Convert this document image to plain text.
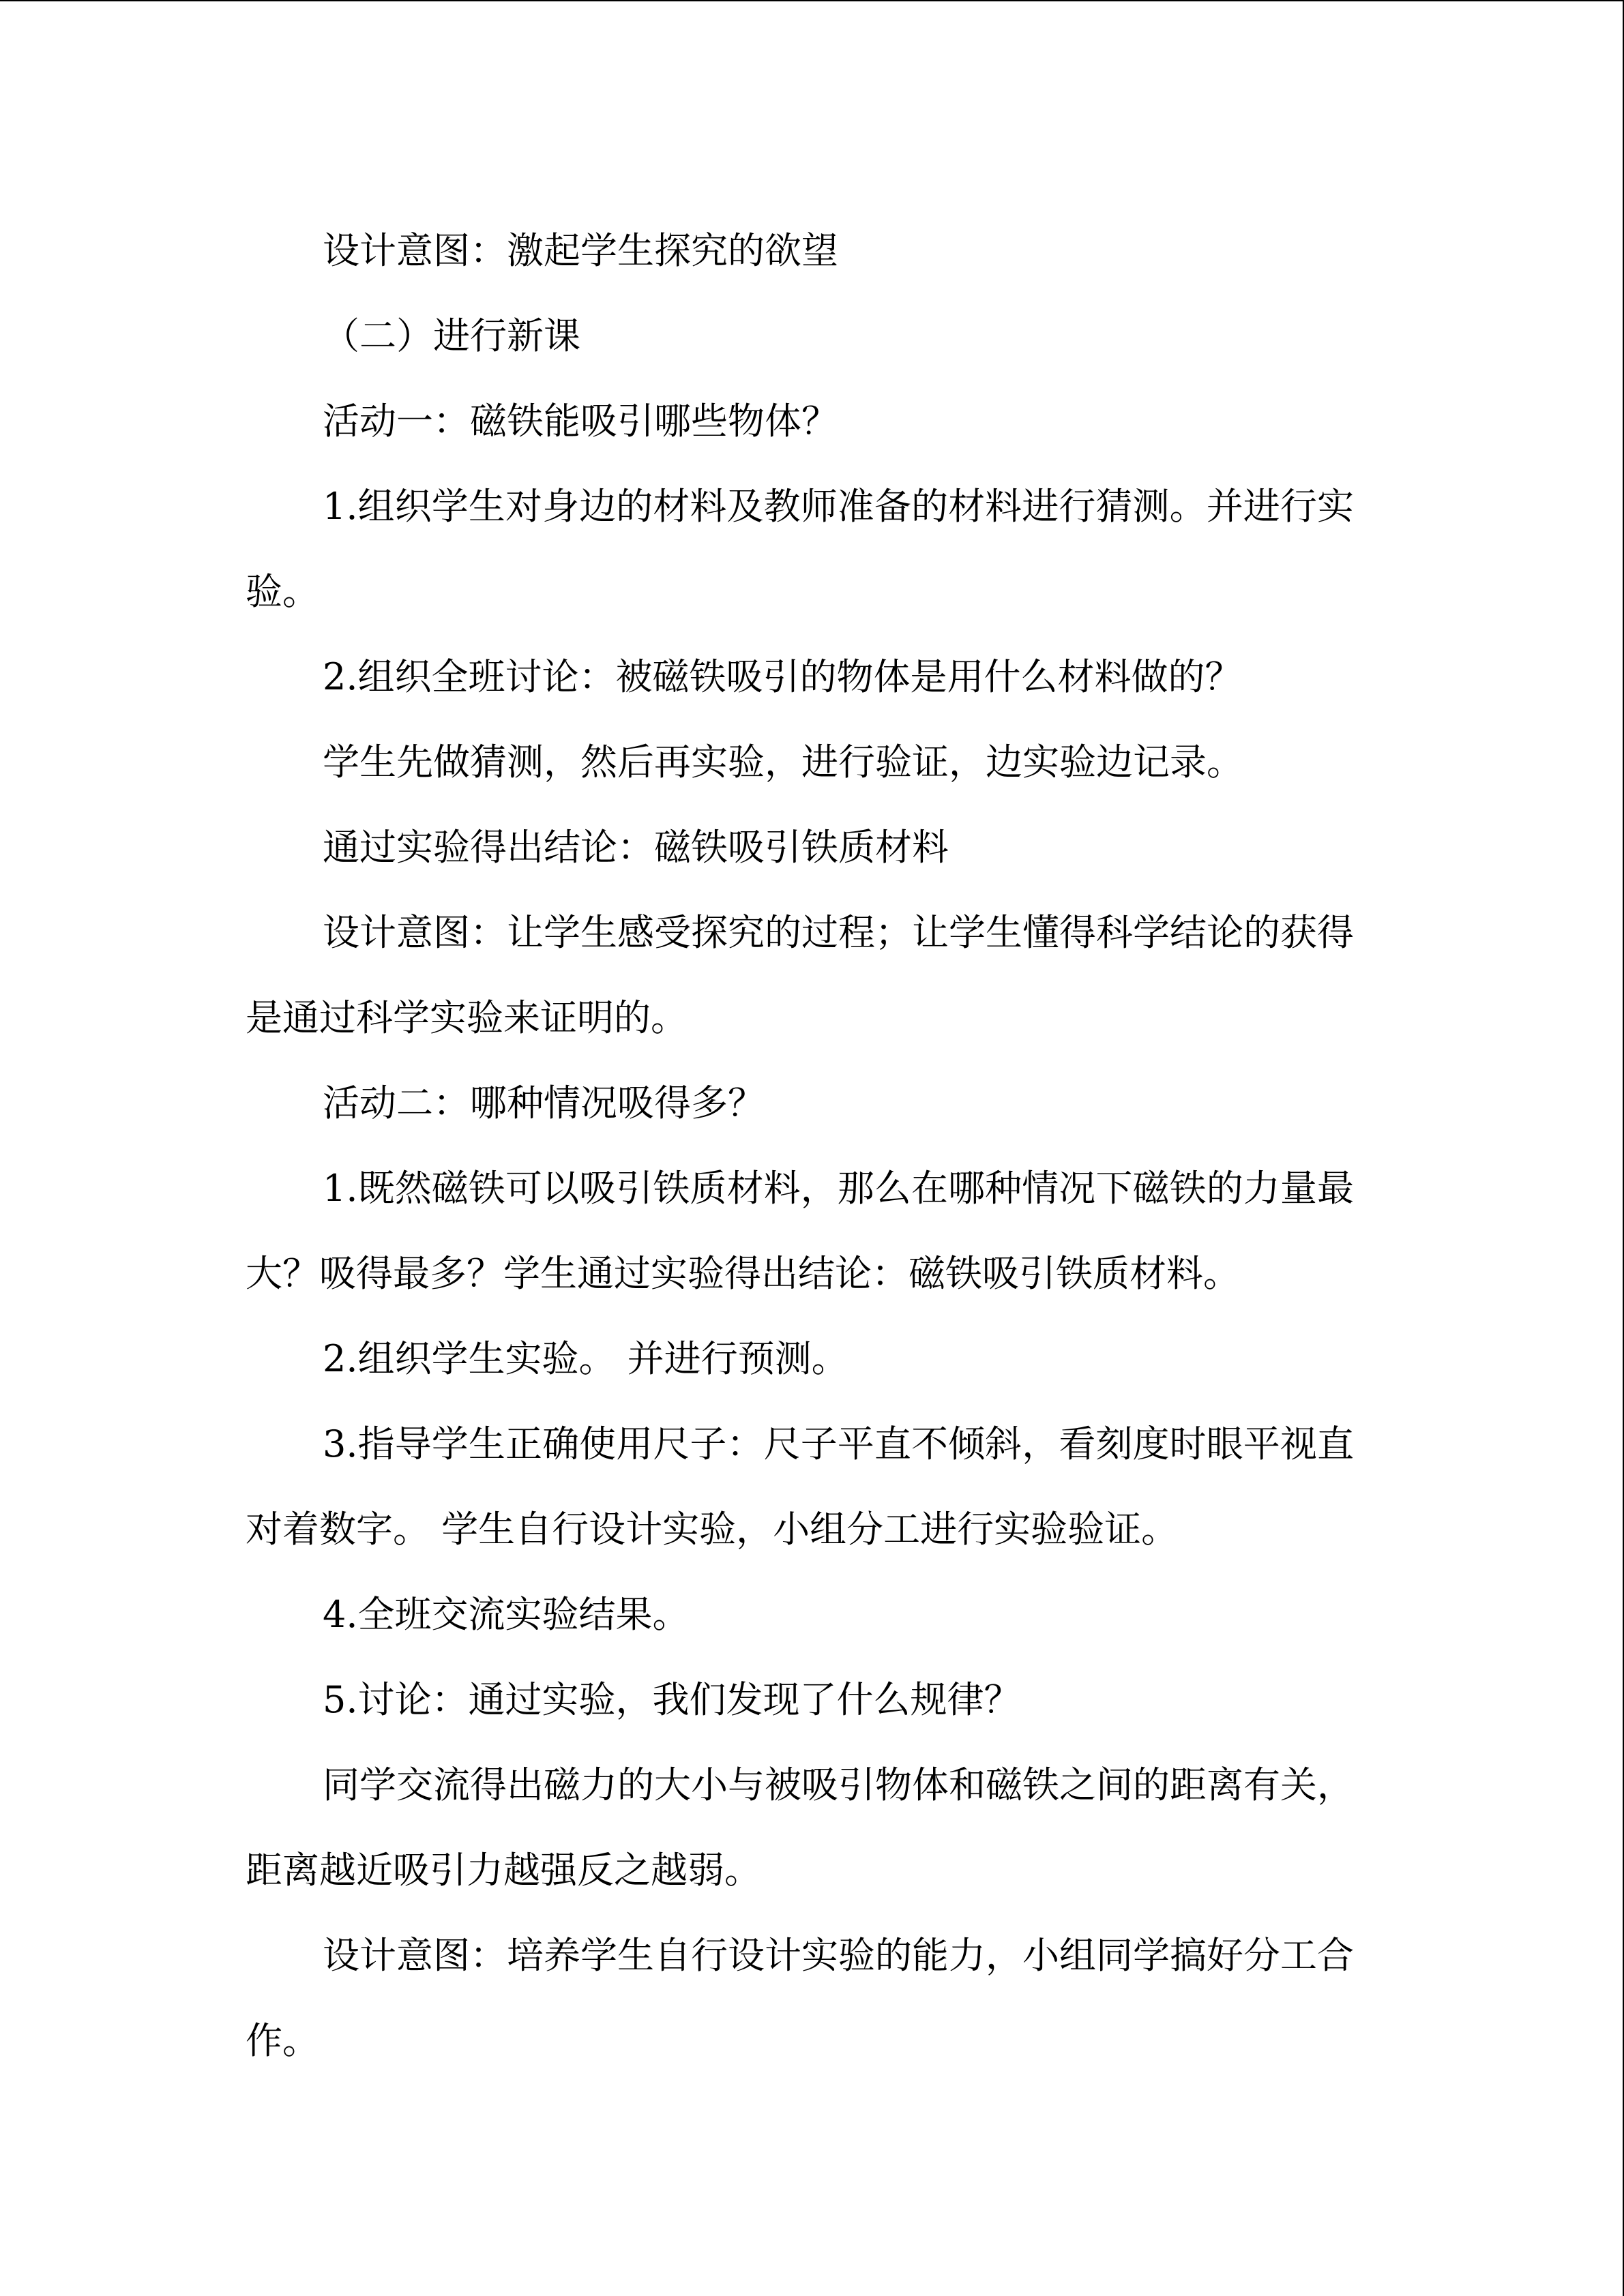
设计意图：激起学生探究的欲望

（二）进行新课

活动一：磁铁能吸引哪些物体？

1.组织学生对身边的材料及教师准备的材料进行猜测。并进行实验。

2.组织全班讨论：被磁铁吸引的物体是用什么材料做的？

学生先做猜测，然后再实验，进行验证，边实验边记录。

通过实验得出结论：磁铁吸引铁质材料

设计意图：让学生感受探究的过程；让学生懂得科学结论的获得是通过科学实验来证明的。

活动二：哪种情况吸得多？

1.既然磁铁可以吸引铁质材料，那么在哪种情况下磁铁的力量最大？吸得最多？学生通过实验得出结论：磁铁吸引铁质材料。

2.组织学生实验。 并进行预测。

3.指导学生正确使用尺子：尺子平直不倾斜，看刻度时眼平视直对着数字。 学生自行设计实验，小组分工进行实验验证。

4.全班交流实验结果。

5.讨论：通过实验，我们发现了什么规律？

同学交流得出磁力的大小与被吸引物体和磁铁之间的距离有关，距离越近吸引力越强反之越弱。

设计意图：培养学生自行设计实验的能力，小组同学搞好分工合作。
